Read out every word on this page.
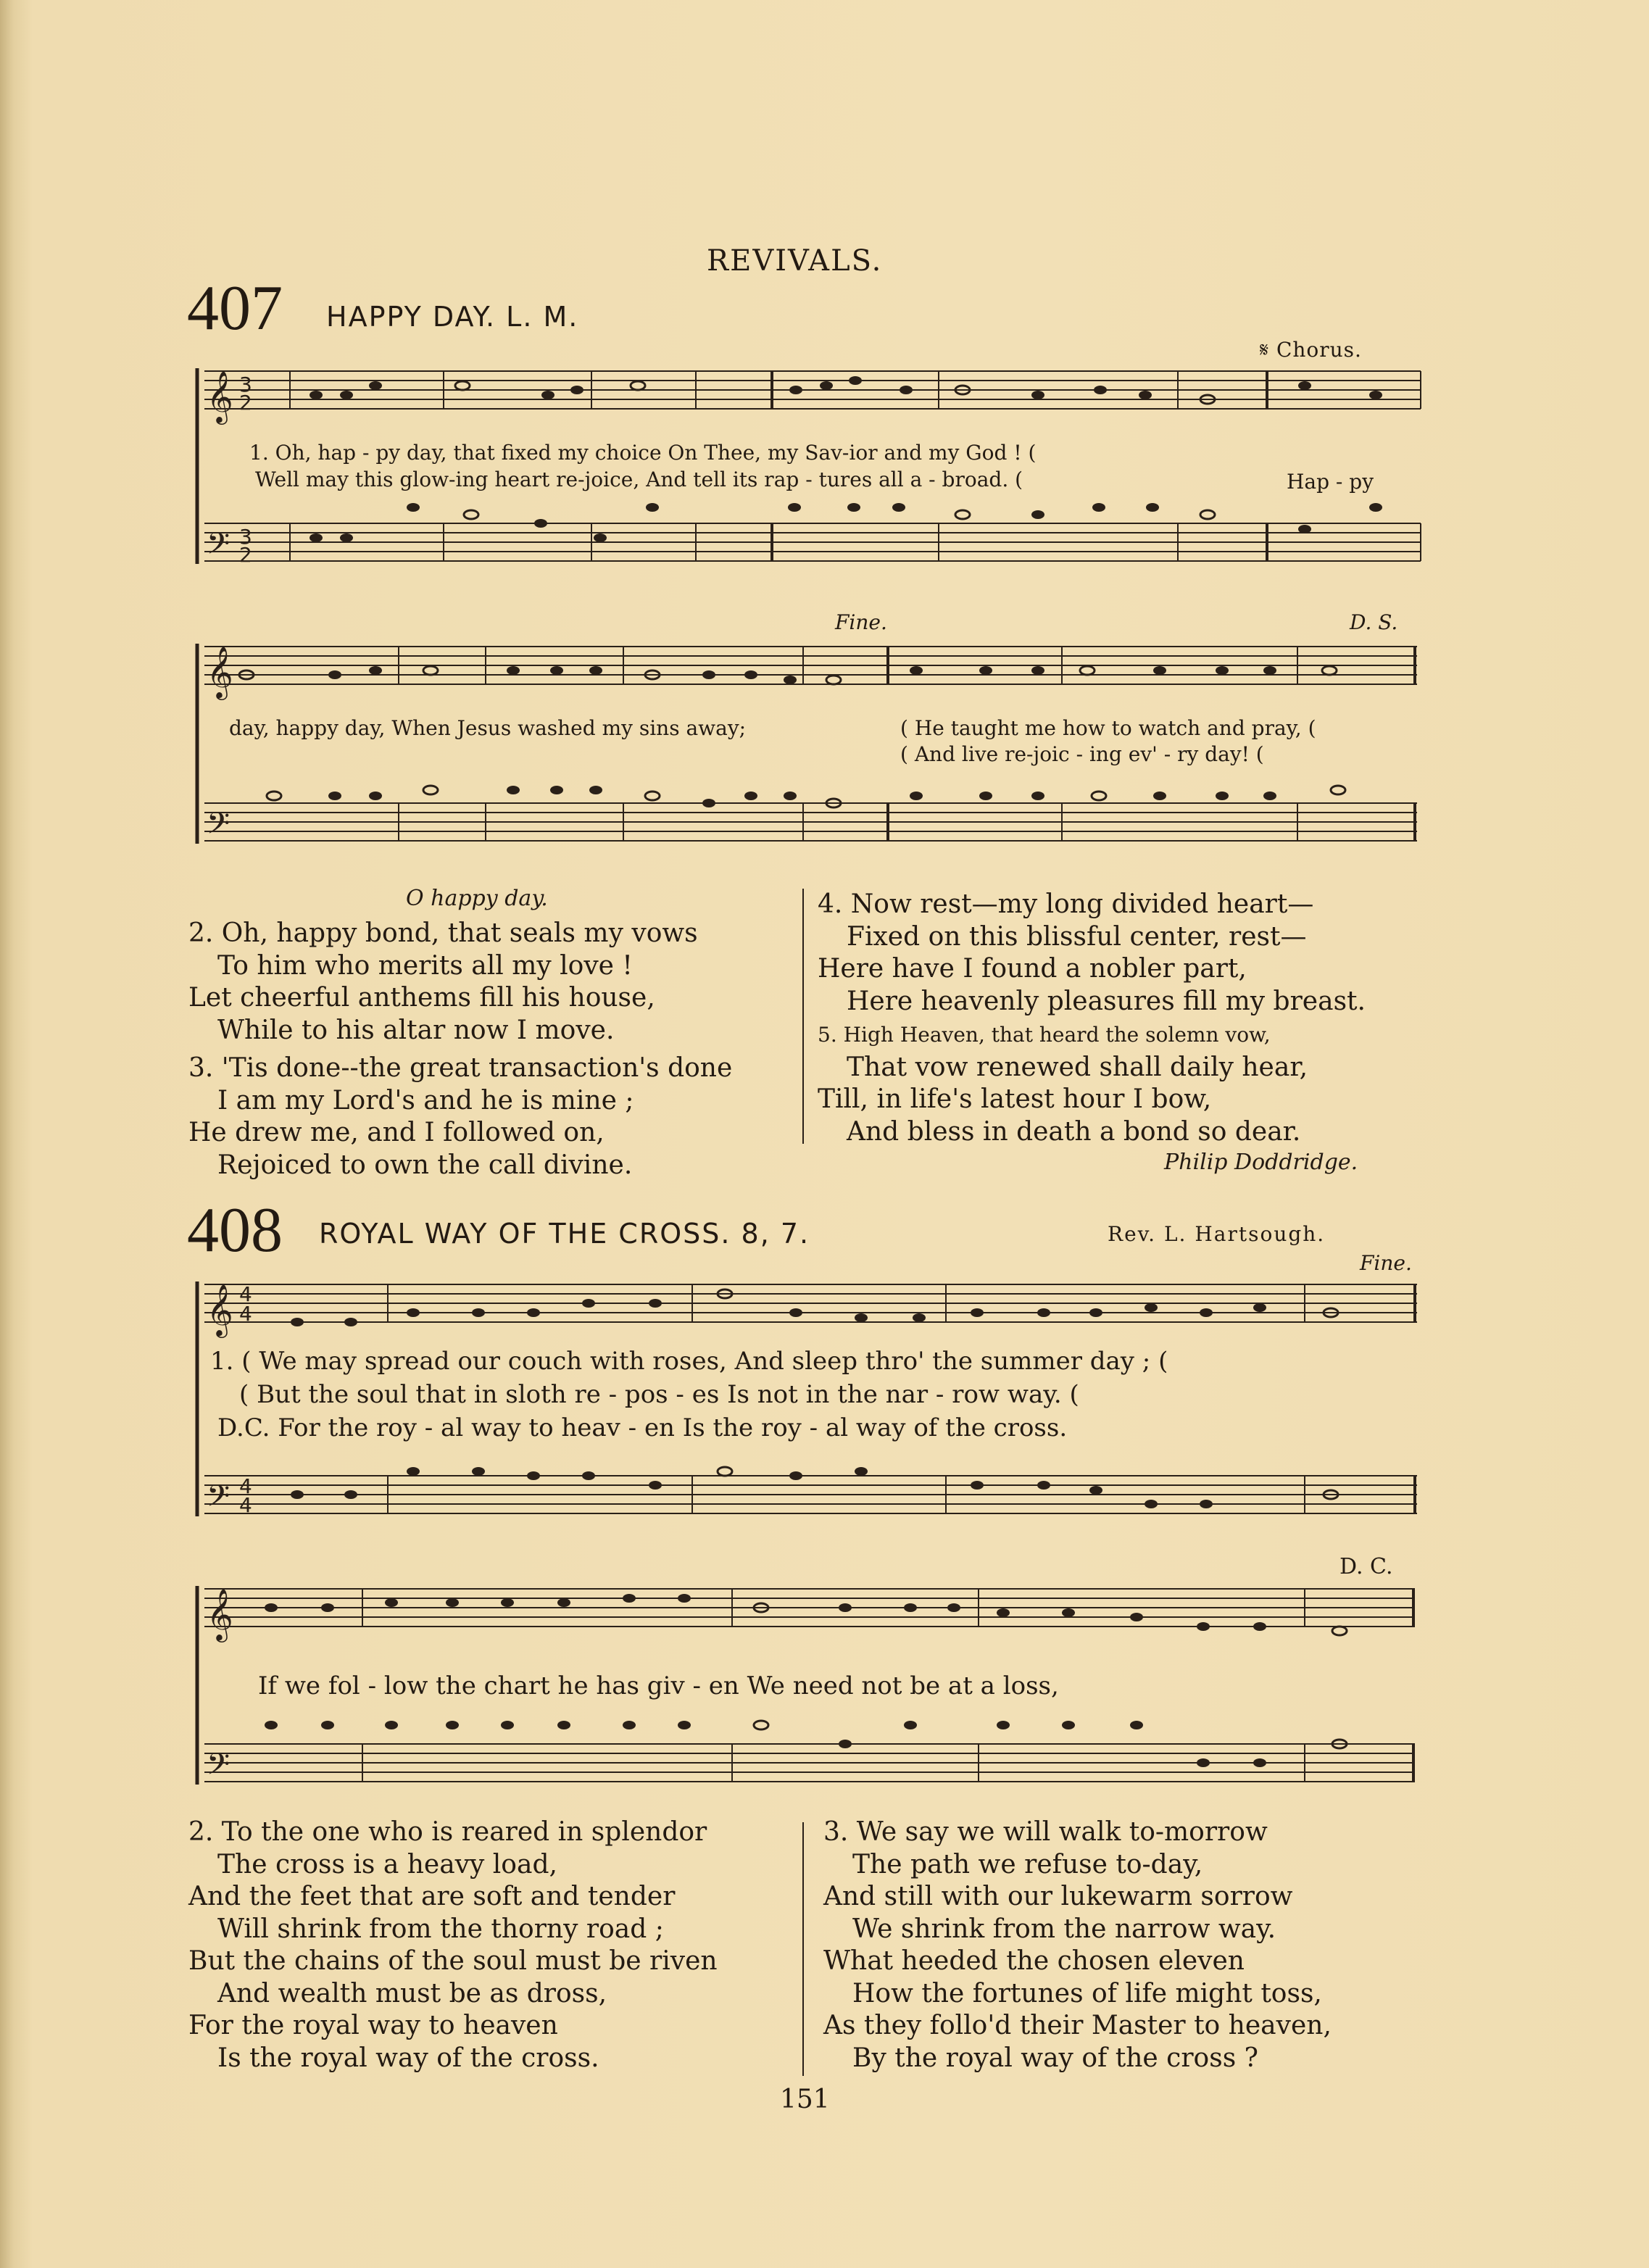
REVIVALS.
407 HAPPY DAY. L. M.
𝄋 Chorus.
𝄞 3
2
𝄢 3
2
1. Oh, hap - py day, that fixed my choice On Thee, my Sav-ior and my God ! (
Well may this glow-ing heart re-joice, And tell its rap - tures all a - broad. (	Hap - py
Fine.	D. S.
𝄞
𝄢
day, happy day, When Jesus washed my sins away;	( He taught me how to watch and pray, (
( And live re-joic - ing ev' - ry day! (
O happy day.
2. Oh, happy bond, that seals my vows
To him who merits all my love !
Let cheerful anthems fill his house,
While to his altar now I move.
3. 'Tis done--the great transaction's done
I am my Lord's and he is mine ;
He drew me, and I followed on,
Rejoiced to own the call divine.
4. Now rest—my long divided heart—
Fixed on this blissful center, rest—
Here have I found a nobler part,
Here heavenly pleasures fill my breast.
5. High Heaven, that heard the solemn vow,
That vow renewed shall daily hear,
Till, in life's latest hour I bow,
And bless in death a bond so dear.
Philip Doddridge.
408 ROYAL WAY OF THE CROSS. 8, 7.	Rev. L. Hartsough.
Fine.
𝄞 4
4
𝄢 4
4
1. ( We may spread our couch with roses, And sleep thro' the summer day ; (
( But the soul that in sloth re - pos - es Is not in the nar - row way. (
D.C. For the roy - al way to heav - en Is the roy - al way of the cross.
D. C.
𝄞
𝄢
If we fol - low the chart he has giv - en We need not be at a loss,
2. To the one who is reared in splendor
The cross is a heavy load,
And the feet that are soft and tender
Will shrink from the thorny road ;
But the chains of the soul must be riven
And wealth must be as dross,
For the royal way to heaven
Is the royal way of the cross.
3. We say we will walk to-morrow
The path we refuse to-day,
And still with our lukewarm sorrow
We shrink from the narrow way.
What heeded the chosen eleven
How the fortunes of life might toss,
As they follo'd their Master to heaven,
By the royal way of the cross ?
151
